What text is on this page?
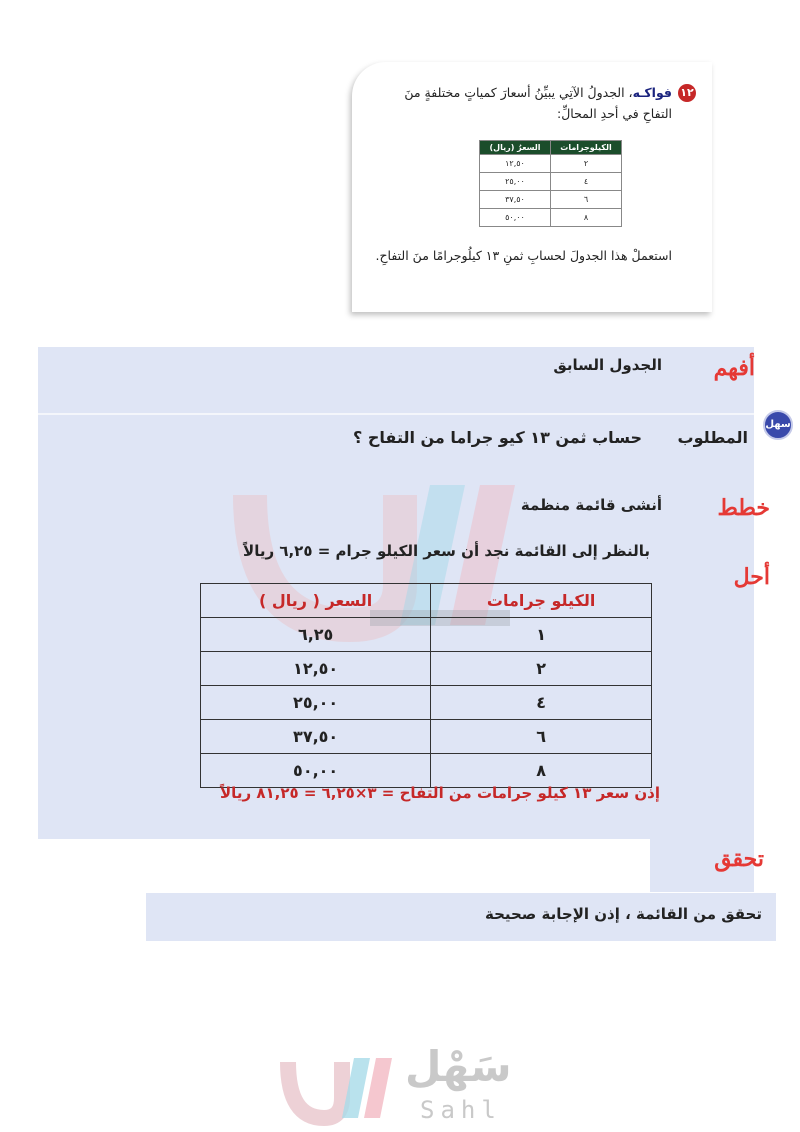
١٢
فواكـه، الجدولُ الآتِي يبيِّنُ أسعارَ كمياتٍ مختلفةٍ منَ التفاحِ في أحدِ المحالِّ:
الكيلوجرامات	السعرُ (ريال)
٢	١٢,٥٠
٤	٢٥,٠٠
٦	٣٧,٥٠
٨	٥٠,٠٠
استعملْ هذا الجدولَ لحسابِ ثمنِ ١٣ كيلُوجرامًا منَ التفاحِ.
سهل
أفهم
الجدول السابق
المطلوب
حساب ثمن ١٣ كيو جراما من التفاح ؟
خطط
أنشى قائمة منظمة
أحل
بالنظر إلى القائمة نجد أن سعر الكيلو جرام = ٦,٢٥ ريالاً
الكيلو جرامات	السعر ( ريال )
١	٦,٢٥
٢	١٢,٥٠
٤	٢٥,٠٠
٦	٣٧,٥٠
٨	٥٠,٠٠
إذن سعر ١٣ كيلو جرامات من التفاح = ٣×٦,٢٥ = ٨١,٢٥ ريالاً
تحقق
تحقق من القائمة ، إذن الإجابة صحيحة
سَهْل
Sahl
